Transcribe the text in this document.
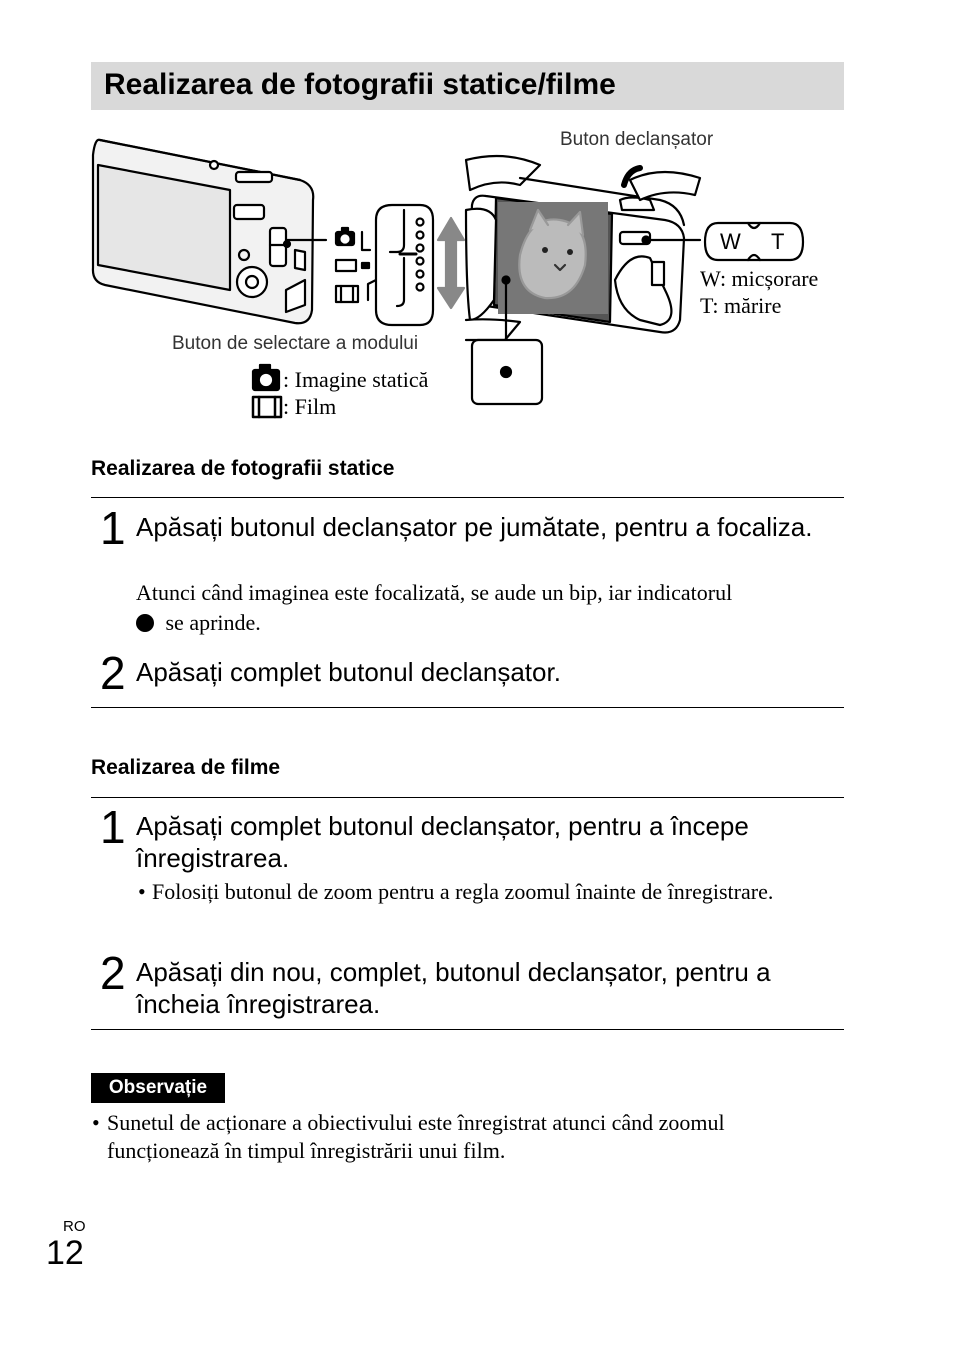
Realizarea de fotografii statice/filme
Buton declanșator
W T
W: micșorare
T: mărire
Buton de selectare a modului
: Imagine statică
: Film
Realizarea de fotografii statice
1 Apăsați butonul declanșator pe jumătate, pentru a focaliza.
Atunci când imaginea este focalizată, se aude un bip, iar indicatorul
se aprinde.
2 Apăsați complet butonul declanșator.
Realizarea de filme
1 Apăsați complet butonul declanșator, pentru a începe înregistrarea.
• Folosiți butonul de zoom pentru a regla zoomul înainte de înregistrare.
2 Apăsați din nou, complet, butonul declanșator, pentru a încheia înregistrarea.
Observație
• Sunetul de acționare a obiectivului este înregistrat atunci când zoomul funcționează în timpul înregistrării unui film.
RO
12
